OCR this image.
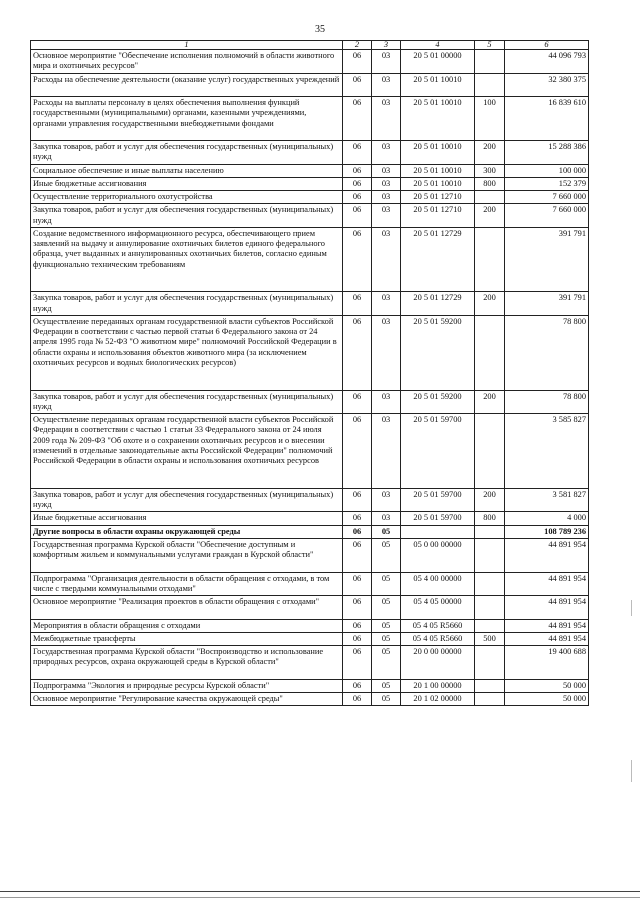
35
1	2	3	4	5	6
Основное мероприятие "Обеспечение исполнения полномочий в области животного мира и охотничьих ресурсов"	06	03	20 5 01 00000		44 096 793
Расходы на обеспечение деятельности (оказание услуг) государственных учреждений	06	03	20 5 01 10010		32 380 375
Расходы на выплаты персоналу в целях обеспечения выполнения функций государственными (муниципальными) органами, казенными учреждениями, органами управления государственными внебюджетными фондами	06	03	20 5 01 10010	100	16 839 610
Закупка товаров, работ и услуг для обеспечения государственных (муниципальных) нужд	06	03	20 5 01 10010	200	15 288 386
Социальное обеспечение и иные выплаты населению	06	03	20 5 01 10010	300	100 000
Иные бюджетные ассигнования	06	03	20 5 01 10010	800	152 379
Осуществление территориального охотустройства	06	03	20 5 01 12710		7 660 000
Закупка товаров, работ и услуг для обеспечения государственных (муниципальных) нужд	06	03	20 5 01 12710	200	7 660 000
Создание ведомственного информационного ресурса, обеспечивающего прием заявлений на выдачу и аннулирование охотничьих билетов единого федерального образца, учет выданных и аннулированных охотничьих билетов, согласно единым функционально техническим требованиям	06	03	20 5 01 12729		391 791
Закупка товаров, работ и услуг для обеспечения государственных (муниципальных) нужд	06	03	20 5 01 12729	200	391 791
Осуществление переданных органам государственной власти субъектов Российской Федерации в соответствии с частью первой статьи 6 Федерального закона от 24 апреля 1995 года № 52-ФЗ "О животном мире" полномочий Российской Федерации в области охраны и использования объектов животного мира (за исключением охотничьих ресурсов и водных биологических ресурсов)	06	03	20 5 01 59200		78 800
Закупка товаров, работ и услуг для обеспечения государственных (муниципальных) нужд	06	03	20 5 01 59200	200	78 800
Осуществление переданных органам государственной власти субъектов Российской Федерации в соответствии с частью 1 статьи 33 Федерального закона от 24 июля 2009 года № 209-ФЗ "Об охоте и о сохранении охотничьих ресурсов и о внесении изменений в отдельные законодательные акты Российской Федерации" полномочий Российской Федерации в области охраны и использования охотничьих ресурсов	06	03	20 5 01 59700		3 585 827
Закупка товаров, работ и услуг для обеспечения государственных (муниципальных) нужд	06	03	20 5 01 59700	200	3 581 827
Иные бюджетные ассигнования	06	03	20 5 01 59700	800	4 000
Другие вопросы в области охраны окружающей среды	06	05			108 789 236
Государственная программа Курской области "Обеспечение доступным и комфортным жильем и коммунальными услугами граждан в Курской области"	06	05	05 0 00 00000		44 891 954
Подпрограмма "Организация деятельности в области обращения с отходами, в том числе с твердыми коммунальными отходами"	06	05	05 4 00 00000		44 891 954
Основное мероприятие "Реализация проектов в области обращения с отходами"	06	05	05 4 05 00000		44 891 954
Мероприятия в области обращения с отходами	06	05	05 4 05 R5660		44 891 954
Межбюджетные трансферты	06	05	05 4 05 R5660	500	44 891 954
Государственная программа Курской области "Воспроизводство и использование природных ресурсов, охрана окружающей среды в Курской области"	06	05	20 0 00 00000		19 400 688
Подпрограмма "Экология и природные ресурсы Курской области"	06	05	20 1 00 00000		50 000
Основное мероприятие "Регулирование качества окружающей среды"	06	05	20 1 02 00000		50 000
